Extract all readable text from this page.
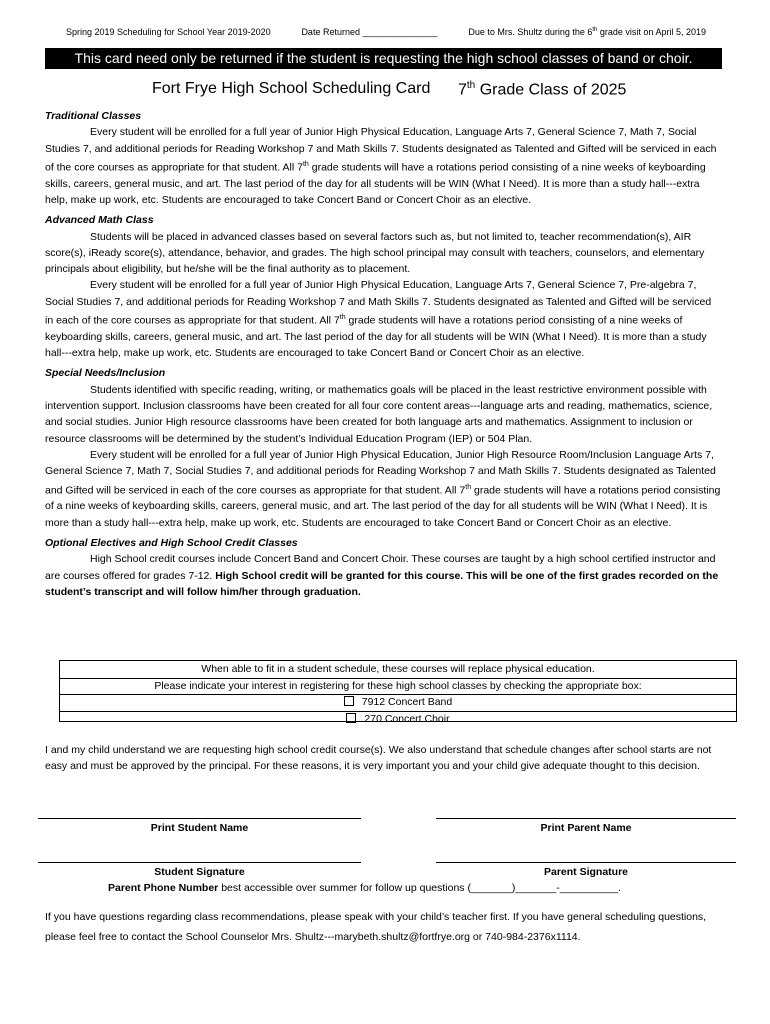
Spring 2019 Scheduling for School Year 2019-2020	Date Returned _______________	Due to Mrs. Shultz during the 6th grade visit on April 5, 2019
This card need only be returned if the student is requesting the high school classes of band or choir.
Fort Frye High School Scheduling Card 7th Grade Class of 2025
Traditional Classes

Every student will be enrolled for a full year of Junior High Physical Education, Language Arts 7, General Science 7, Math 7, Social Studies 7, and additional periods for Reading Workshop 7 and Math Skills 7. Students designated as Talented and Gifted will be serviced in each of the core courses as appropriate for that student. All 7th grade students will have a rotations period consisting of a nine weeks of keyboarding skills, careers, general music, and art. The last period of the day for all students will be WIN (What I Need). It is more than a study hall---extra help, make up work, etc. Students are encouraged to take Concert Band or Concert Choir as an elective.

Advanced Math Class

Students will be placed in advanced classes based on several factors such as, but not limited to, teacher recommendation(s), AIR score(s), iReady score(s), attendance, behavior, and grades. The high school principal may consult with teachers, counselors, and elementary principals about eligibility, but he/she will be the final authority as to placement.

Every student will be enrolled for a full year of Junior High Physical Education, Language Arts 7, General Science 7, Pre-algebra 7, Social Studies 7, and additional periods for Reading Workshop 7 and Math Skills 7. Students designated as Talented and Gifted will be serviced in each of the core courses as appropriate for that student. All 7th grade students will have a rotations period consisting of a nine weeks of keyboarding skills, careers, general music, and art. The last period of the day for all students will be WIN (What I Need). It is more than a study hall---extra help, make up work, etc. Students are encouraged to take Concert Band or Concert Choir as an elective.

Special Needs/Inclusion

Students identified with specific reading, writing, or mathematics goals will be placed in the least restrictive environment possible with intervention support. Inclusion classrooms have been created for all four core content areas---language arts and reading, mathematics, science, and social studies. Junior High resource classrooms have been created for both language arts and mathematics. Assignment to inclusion or resource classrooms will be determined by the student’s Individual Education Program (IEP) or 504 Plan.

Every student will be enrolled for a full year of Junior High Physical Education, Junior High Resource Room/Inclusion Language Arts 7, General Science 7, Math 7, Social Studies 7, and additional periods for Reading Workshop 7 and Math Skills 7. Students designated as Talented and Gifted will be serviced in each of the core courses as appropriate for that student. All 7th grade students will have a rotations period consisting of a nine weeks of keyboarding skills, careers, general music, and art. The last period of the day for all students will be WIN (What I Need). It is more than a study hall---extra help, make up work, etc. Students are encouraged to take Concert Band or Concert Choir as an elective.

Optional Electives and High School Credit Classes

High School credit courses include Concert Band and Concert Choir. These courses are taught by a high school certified instructor and are courses offered for grades 7-12. High School credit will be granted for this course. This will be one of the first grades recorded on the student’s transcript and will follow him/her through graduation.

When able to fit in a student schedule, these courses will replace physical education.
Please indicate your interest in registering for these high school classes by checking the appropriate box:
7912 Concert Band
270 Concert Choir
I and my child understand we are requesting high school credit course(s). We also understand that schedule changes after school starts are not easy and must be approved by the principal. For these reasons, it is very important you and your child give adequate thought to this decision.
Print Student Name	Print Parent Name
Student Signature	Parent Signature
Parent Phone Number best accessible over summer for follow up questions (_______)_______-__________.
If you have questions regarding class recommendations, please speak with your child’s teacher first. If you have general scheduling questions, please feel free to contact the School Counselor Mrs. Shultz---marybeth.shultz@fortfrye.org or 740-984-2376x1114.
